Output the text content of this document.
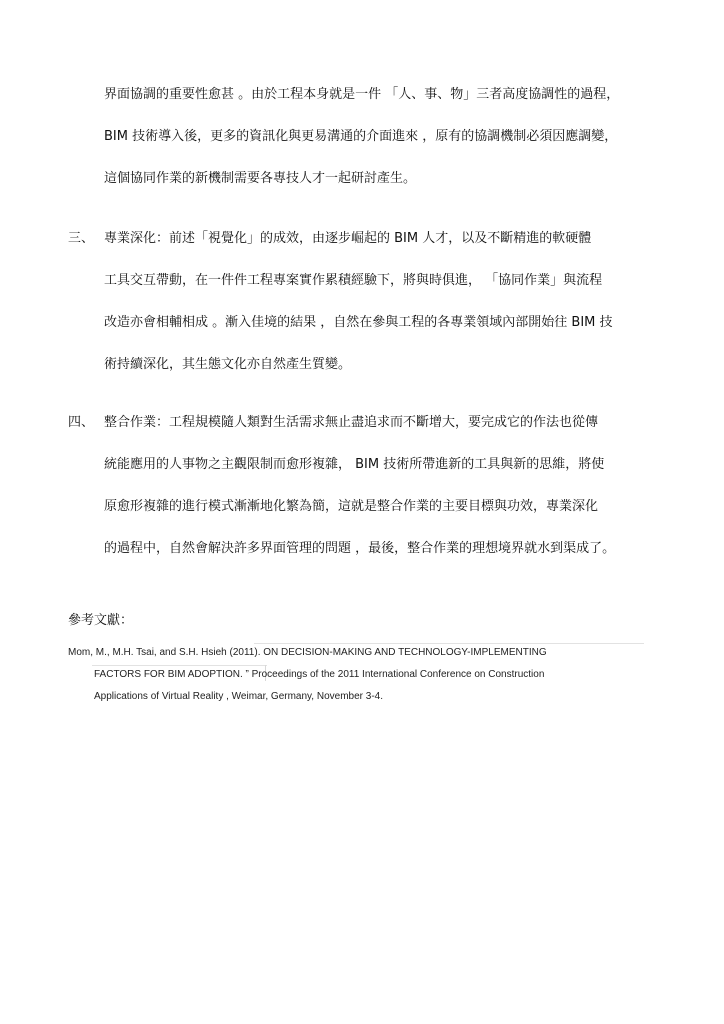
界面協調的重要性愈甚 。由於工程本身就是一件 「人、事、物」三者高度協調性的過程，
BIM 技術導入後，更多的資訊化與更易溝通的介面進來 ，原有的協調機制必須因應調變，
這個協同作業的新機制需要各專技人才一起研討產生。
三、 專業深化：前述「視覺化」的成效，由逐步崛起的 BIM 人才，以及不斷精進的軟硬體
工具交互帶動，在一件件工程專案實作累積經驗下，將與時俱進， 「協同作業」與流程
改造亦會相輔相成 。漸入佳境的結果 ，自然在參與工程的各專業領域內部開始往 BIM 技
術持續深化，其生態文化亦自然產生質變。
四、 整合作業：工程規模隨人類對生活需求無止盡追求而不斷增大，要完成它的作法也從傳
統能應用的人事物之主觀限制而愈形複雜， BIM 技術所帶進新的工具與新的思維，將使
原愈形複雜的進行模式漸漸地化繁為簡，這就是整合作業的主要目標與功效，專業深化
的過程中，自然會解決許多界面管理的問題 ，最後，整合作業的理想境界就水到渠成了。
參考文獻：
Mom, M., M.H. Tsai, and S.H. Hsieh (2011). ON DECISION-MAKING AND TECHNOLOGY-IMPLEMENTING
FACTORS FOR BIM ADOPTION. ” Proceedings of the 2011 International Conference on Construction
Applications of Virtual Reality , Weimar, Germany, November 3-4.
